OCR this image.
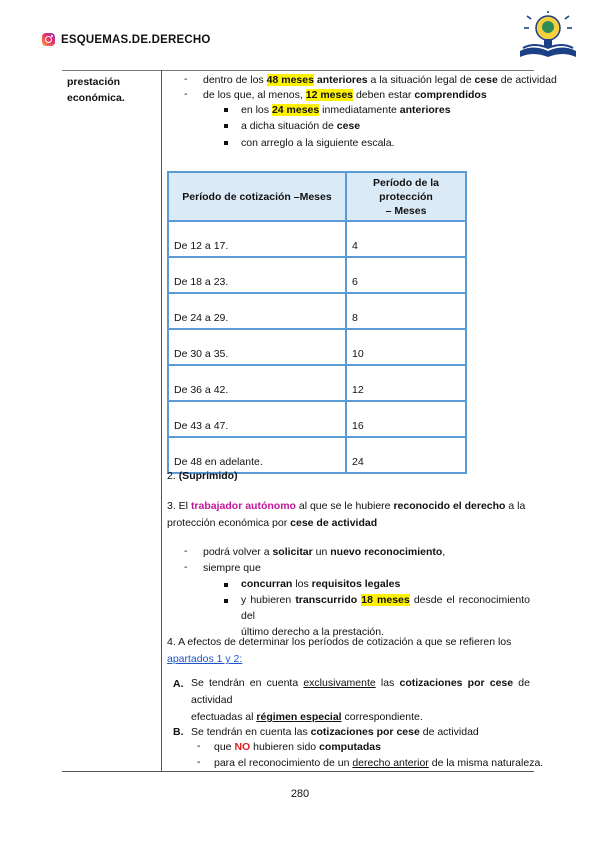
ESQUEMAS.DE.DERECHO
prestación
económica.
- dentro de los 48 meses anteriores a la situación legal de cese de actividad
- de los que, al menos, 12 meses deben estar comprendidos
en los 24 meses inmediatamente anteriores
a dicha situación de cese
con arreglo a la siguiente escala.
Período de cotización –Meses	Período de la protección
– Meses
De 12 a 17.	4
De 18 a 23.	6
De 24 a 29.	8
De 30 a 35.	10
De 36 a 42.	12
De 43 a 47.	16
De 48 en adelante.	24
2. (Suprimido)
3. El trabajador autónomo al que se le hubiere reconocido el derecho a la
protección económica por cese de actividad
- podrá volver a solicitar un nuevo reconocimiento,
- siempre que
concurran los requisitos legales
y hubieren transcurrido 18 meses desde el reconocimiento del
último derecho a la prestación.
4. A efectos de determinar los períodos de cotización a que se refieren los
apartados 1 y 2:
A. Se tendrán en cuenta exclusivamente las cotizaciones por cese de actividad
efectuadas al régimen especial correspondiente.
B. Se tendrán en cuenta las cotizaciones por cese de actividad
- que NO hubieren sido computadas
- para el reconocimiento de un derecho anterior de la misma naturaleza.
280
